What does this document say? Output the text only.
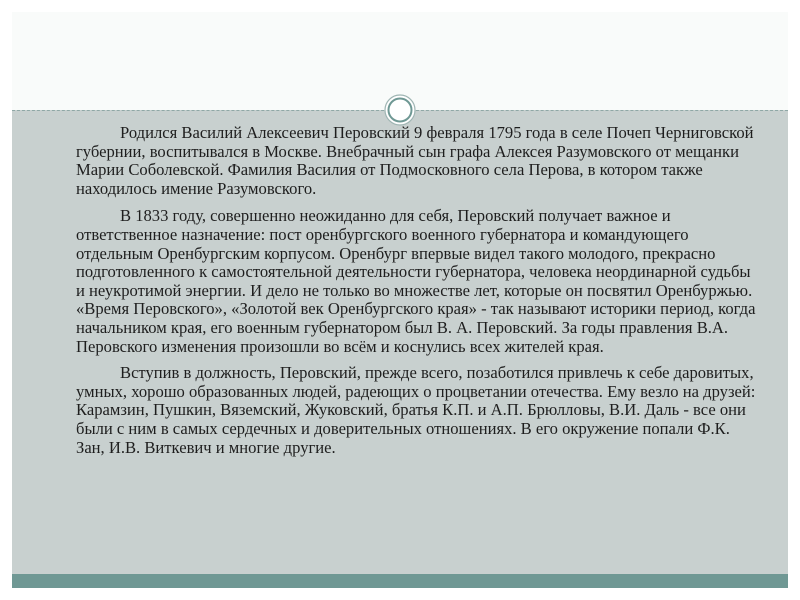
Родился Василий Алексеевич Перовский 9 февраля 1795 года в селе Почеп Черниговской губернии, воспитывался в Москве. Внебрачный сын графа Алексея Разумовского от мещанки Марии Соболевской. Фамилия Василия от Подмосковного села Перова, в котором также находилось имение Разумовского.

В 1833 году, совершенно неожиданно для себя, Перовский получает важное и ответственное назначение: пост оренбургского военного губернатора и командующего отдельным Оренбургским корпусом. Оренбург впервые видел такого молодого, прекрасно подготовленного к самостоятельной деятельности губернатора, человека неординарной судьбы и неукротимой энергии. И дело не только во множестве лет, которые он посвятил Оренбуржью. «Время Перовского», «Золотой век Оренбургского края» - так называют историки период, когда начальником края, его военным губернатором был В. А. Перовский. За годы правления В.А. Перовского изменения произошли во всём и коснулись всех жителей края.

Вступив в должность, Перовский, прежде всего, позаботился привлечь к себе даровитых, умных, хорошо образованных людей, радеющих о процветании отечества. Ему везло на друзей: Карамзин, Пушкин, Вяземский, Жуковский, братья К.П. и А.П. Брюлловы, В.И. Даль - все они были с ним в самых сердечных и доверительных отношениях. В его окружение попали Ф.К. Зан, И.В. Виткевич и многие другие.
